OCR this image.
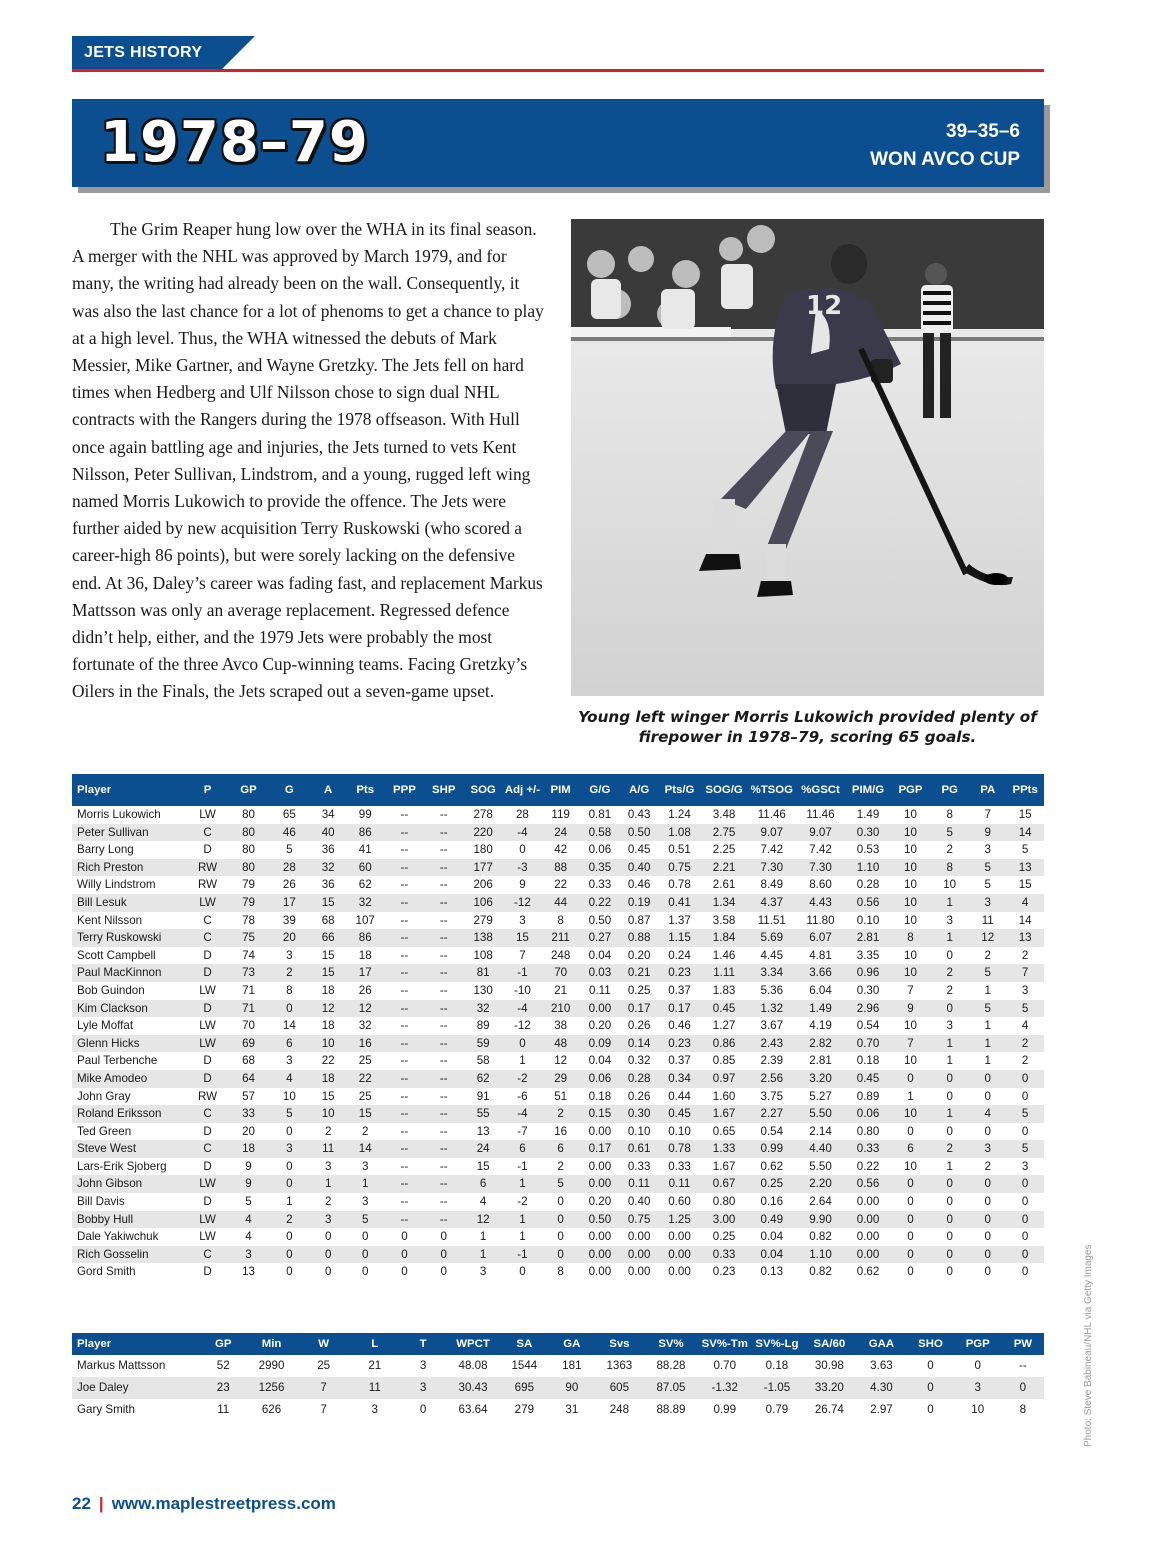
JETS HISTORY
1978–79	39–35–6
WON AVCO CUP

The Grim Reaper hung low over the WHA in its final season. A merger with the NHL was approved by March 1979, and for many, the writing had already been on the wall. Consequently, it was also the last chance for a lot of phenoms to get a chance to play at a high level. Thus, the WHA witnessed the debuts of Mark Messier, Mike Gartner, and Wayne Gretzky. The Jets fell on hard times when Hedberg and Ulf Nilsson chose to sign dual NHL contracts with the Rangers during the 1978 offseason. With Hull once again battling age and injuries, the Jets turned to vets Kent Nilsson, Peter Sullivan, Lindstrom, and a young, rugged left wing named Morris Lukowich to provide the offence. The Jets were further aided by new acquisition Terry Ruskowski (who scored a career-high 86 points), but were sorely lacking on the defensive end. At 36, Daley’s career was fading fast, and replacement Markus Mattsson was only an average replacement. Regressed defence didn’t help, either, and the 1979 Jets were probably the most fortunate of the three Avco Cup-winning teams. Facing Gretzky’s Oilers in the Finals, the Jets scraped out a seven-game upset.

12
Young left winger Morris Lukowich provided plenty of firepower in 1978–79, scoring 65 goals.
Player	P	GP	G	A	Pts	PPP	SHP	SOG	Adj +/-	PIM	G/G	A/G	Pts/G	SOG/G	%TSOG	%GSCt	PIM/G	PGP	PG	PA	PPts
Morris Lukowich	LW	80	65	34	99	--	--	278	28	119	0.81	0.43	1.24	3.48	11.46	11.46	1.49	10	8	7	15
Peter Sullivan	C	80	46	40	86	--	--	220	-4	24	0.58	0.50	1.08	2.75	9.07	9.07	0.30	10	5	9	14
Barry Long	D	80	5	36	41	--	--	180	0	42	0.06	0.45	0.51	2.25	7.42	7.42	0.53	10	2	3	5
Rich Preston	RW	80	28	32	60	--	--	177	-3	88	0.35	0.40	0.75	2.21	7.30	7.30	1.10	10	8	5	13
Willy Lindstrom	RW	79	26	36	62	--	--	206	9	22	0.33	0.46	0.78	2.61	8.49	8.60	0.28	10	10	5	15
Bill Lesuk	LW	79	17	15	32	--	--	106	-12	44	0.22	0.19	0.41	1.34	4.37	4.43	0.56	10	1	3	4
Kent Nilsson	C	78	39	68	107	--	--	279	3	8	0.50	0.87	1.37	3.58	11.51	11.80	0.10	10	3	11	14
Terry Ruskowski	C	75	20	66	86	--	--	138	15	211	0.27	0.88	1.15	1.84	5.69	6.07	2.81	8	1	12	13
Scott Campbell	D	74	3	15	18	--	--	108	7	248	0.04	0.20	0.24	1.46	4.45	4.81	3.35	10	0	2	2
Paul MacKinnon	D	73	2	15	17	--	--	81	-1	70	0.03	0.21	0.23	1.11	3.34	3.66	0.96	10	2	5	7
Bob Guindon	LW	71	8	18	26	--	--	130	-10	21	0.11	0.25	0.37	1.83	5.36	6.04	0.30	7	2	1	3
Kim Clackson	D	71	0	12	12	--	--	32	-4	210	0.00	0.17	0.17	0.45	1.32	1.49	2.96	9	0	5	5
Lyle Moffat	LW	70	14	18	32	--	--	89	-12	38	0.20	0.26	0.46	1.27	3.67	4.19	0.54	10	3	1	4
Glenn Hicks	LW	69	6	10	16	--	--	59	0	48	0.09	0.14	0.23	0.86	2.43	2.82	0.70	7	1	1	2
Paul Terbenche	D	68	3	22	25	--	--	58	1	12	0.04	0.32	0.37	0.85	2.39	2.81	0.18	10	1	1	2
Mike Amodeo	D	64	4	18	22	--	--	62	-2	29	0.06	0.28	0.34	0.97	2.56	3.20	0.45	0	0	0	0
John Gray	RW	57	10	15	25	--	--	91	-6	51	0.18	0.26	0.44	1.60	3.75	5.27	0.89	1	0	0	0
Roland Eriksson	C	33	5	10	15	--	--	55	-4	2	0.15	0.30	0.45	1.67	2.27	5.50	0.06	10	1	4	5
Ted Green	D	20	0	2	2	--	--	13	-7	16	0.00	0.10	0.10	0.65	0.54	2.14	0.80	0	0	0	0
Steve West	C	18	3	11	14	--	--	24	6	6	0.17	0.61	0.78	1.33	0.99	4.40	0.33	6	2	3	5
Lars-Erik Sjoberg	D	9	0	3	3	--	--	15	-1	2	0.00	0.33	0.33	1.67	0.62	5.50	0.22	10	1	2	3
John Gibson	LW	9	0	1	1	--	--	6	1	5	0.00	0.11	0.11	0.67	0.25	2.20	0.56	0	0	0	0
Bill Davis	D	5	1	2	3	--	--	4	-2	0	0.20	0.40	0.60	0.80	0.16	2.64	0.00	0	0	0	0
Bobby Hull	LW	4	2	3	5	--	--	12	1	0	0.50	0.75	1.25	3.00	0.49	9.90	0.00	0	0	0	0
Dale Yakiwchuk	LW	4	0	0	0	0	0	1	1	0	0.00	0.00	0.00	0.25	0.04	0.82	0.00	0	0	0	0
Rich Gosselin	C	3	0	0	0	0	0	1	-1	0	0.00	0.00	0.00	0.33	0.04	1.10	0.00	0	0	0	0
Gord Smith	D	13	0	0	0	0	0	3	0	8	0.00	0.00	0.00	0.23	0.13	0.82	0.62	0	0	0	0
Player	GP	Min	W	L	T	WPCT	SA	GA	Svs	SV%	SV%-Tm	SV%-Lg	SA/60	GAA	SHO	PGP	PW
Markus Mattsson	52	2990	25	21	3	48.08	1544	181	1363	88.28	0.70	0.18	30.98	3.63	0	0	--
Joe Daley	23	1256	7	11	3	30.43	695	90	605	87.05	-1.32	-1.05	33.20	4.30	0	3	0
Gary Smith	11	626	7	3	0	63.64	279	31	248	88.89	0.99	0.79	26.74	2.97	0	10	8
22 | www.maplestreetpress.com
Photo: Steve Babineau/NHL via Getty Images
